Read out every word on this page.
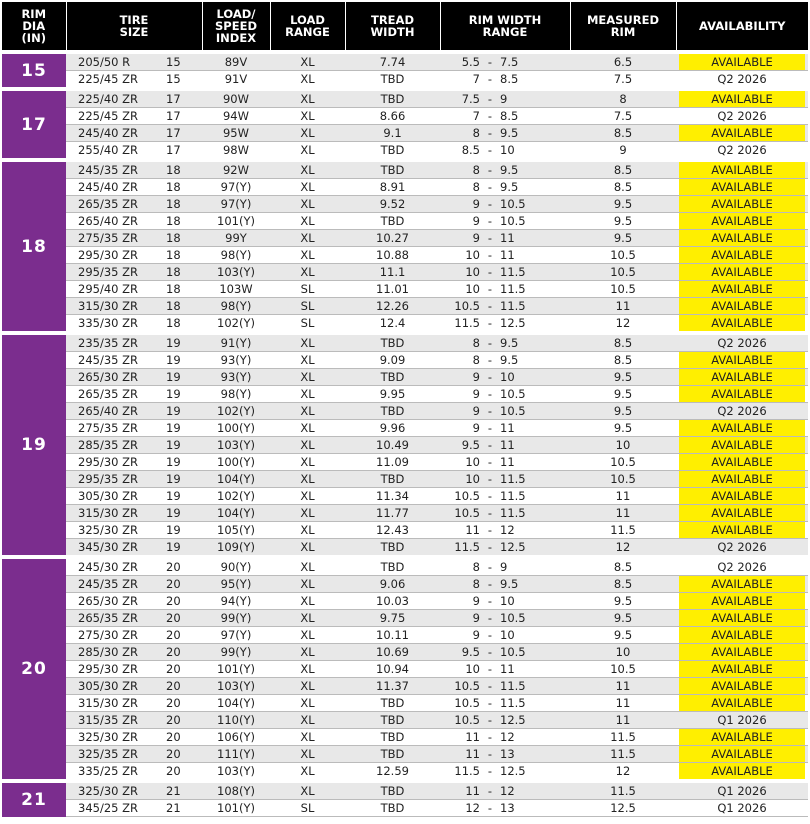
RIM
DIA
(IN)	TIRE
SIZE	LOAD/
SPEED
INDEX	LOAD
RANGE	TREAD
WIDTH	RIM WIDTH
RANGE	MEASURED
RIM	AVAILABILITY
15	205/50 R 15	89V	XL	7.74	5.5 - 7.5	6.5	AVAILABLE

	225/45 ZR 15	91V	XL	TBD	7 - 8.5	7.5	Q2 2026

17	225/40 ZR 17	90W	XL	TBD	7.5 - 9	8	AVAILABLE

	225/45 ZR 17	94W	XL	8.66	7 - 8.5	7.5	Q2 2026

	245/40 ZR 17	95W	XL	9.1	8 - 9.5	8.5	AVAILABLE

	255/40 ZR 17	98W	XL	TBD	8.5 - 10	9	Q2 2026

18	245/35 ZR 18	92W	XL	TBD	8 - 9.5	8.5	AVAILABLE

	245/40 ZR 18	97(Y)	XL	8.91	8 - 9.5	8.5	AVAILABLE

	265/35 ZR 18	97(Y)	XL	9.52	9 - 10.5	9.5	AVAILABLE

	265/40 ZR 18	101(Y)	XL	TBD	9 - 10.5	9.5	AVAILABLE

	275/35 ZR 18	99Y	XL	10.27	9 - 11	9.5	AVAILABLE

	295/30 ZR 18	98(Y)	XL	10.88	10 - 11	10.5	AVAILABLE

	295/35 ZR 18	103(Y)	XL	11.1	10 - 11.5	10.5	AVAILABLE

	295/40 ZR 18	103W	SL	11.01	10 - 11.5	10.5	AVAILABLE

	315/30 ZR 18	98(Y)	SL	12.26	10.5 - 11.5	11	AVAILABLE

	335/30 ZR 18	102(Y)	SL	12.4	11.5 - 12.5	12	AVAILABLE

19	235/35 ZR 19	91(Y)	XL	TBD	8 - 9.5	8.5	Q2 2026

	245/35 ZR 19	93(Y)	XL	9.09	8 - 9.5	8.5	AVAILABLE

	265/30 ZR 19	93(Y)	XL	TBD	9 - 10	9.5	AVAILABLE

	265/35 ZR 19	98(Y)	XL	9.95	9 - 10.5	9.5	AVAILABLE

	265/40 ZR 19	102(Y)	XL	TBD	9 - 10.5	9.5	Q2 2026

	275/35 ZR 19	100(Y)	XL	9.96	9 - 11	9.5	AVAILABLE

	285/35 ZR 19	103(Y)	XL	10.49	9.5 - 11	10	AVAILABLE

	295/30 ZR 19	100(Y)	XL	11.09	10 - 11	10.5	AVAILABLE

	295/35 ZR 19	104(Y)	XL	TBD	10 - 11.5	10.5	AVAILABLE

	305/30 ZR 19	102(Y)	XL	11.34	10.5 - 11.5	11	AVAILABLE

	315/30 ZR 19	104(Y)	XL	11.77	10.5 - 11.5	11	AVAILABLE

	325/30 ZR 19	105(Y)	XL	12.43	11 - 12	11.5	AVAILABLE

	345/30 ZR 19	109(Y)	XL	TBD	11.5 - 12.5	12	Q2 2026

20	245/30 ZR 20	90(Y)	XL	TBD	8 - 9	8.5	Q2 2026

	245/35 ZR 20	95(Y)	XL	9.06	8 - 9.5	8.5	AVAILABLE

	265/30 ZR 20	94(Y)	XL	10.03	9 - 10	9.5	AVAILABLE

	265/35 ZR 20	99(Y)	XL	9.75	9 - 10.5	9.5	AVAILABLE

	275/30 ZR 20	97(Y)	XL	10.11	9 - 10	9.5	AVAILABLE

	285/30 ZR 20	99(Y)	XL	10.69	9.5 - 10.5	10	AVAILABLE

	295/30 ZR 20	101(Y)	XL	10.94	10 - 11	10.5	AVAILABLE

	305/30 ZR 20	103(Y)	XL	11.37	10.5 - 11.5	11	AVAILABLE

	315/30 ZR 20	104(Y)	XL	TBD	10.5 - 11.5	11	AVAILABLE

	315/35 ZR 20	110(Y)	XL	TBD	10.5 - 12.5	11	Q1 2026

	325/30 ZR 20	106(Y)	XL	TBD	11 - 12	11.5	AVAILABLE

	325/35 ZR 20	111(Y)	XL	TBD	11 - 13	11.5	AVAILABLE

	335/25 ZR 20	103(Y)	XL	12.59	11.5 - 12.5	12	AVAILABLE

21	325/30 ZR 21	108(Y)	XL	TBD	11 - 12	11.5	Q1 2026

	345/25 ZR 21	101(Y)	SL	TBD	12 - 13	12.5	Q1 2026
